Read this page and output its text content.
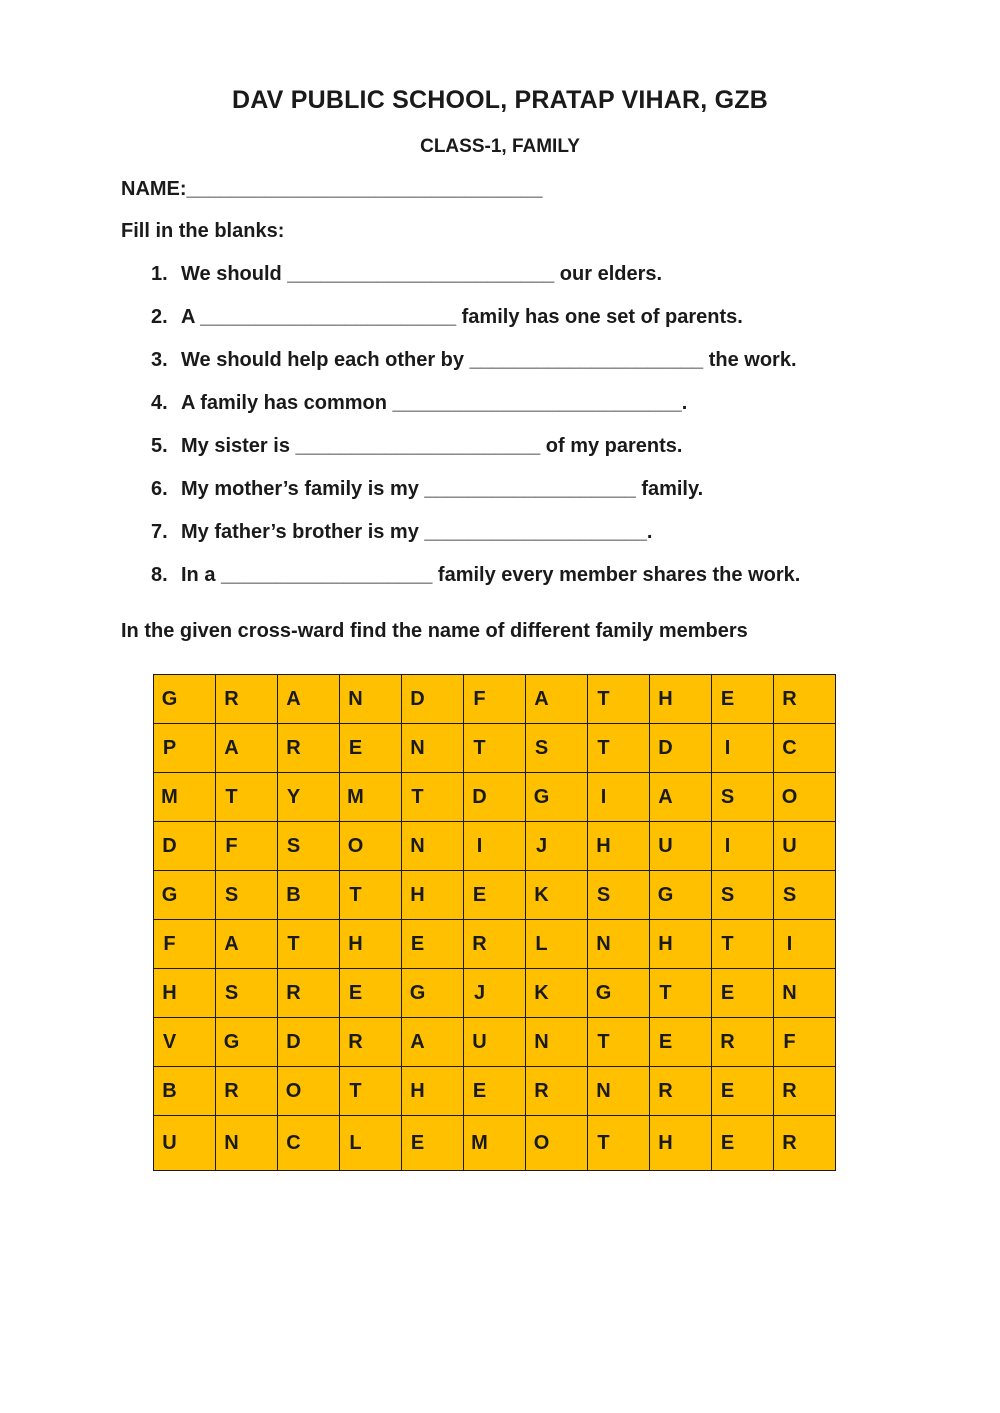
DAV PUBLIC SCHOOL, PRATAP VIHAR, GZB
CLASS-1, FAMILY
NAME:________________________________
Fill in the blanks:
1. We should ________________________ our elders.
2. A _______________________ family has one set of parents.
3. We should help each other by _____________________ the work.
4. A family has common __________________________.
5. My sister is ______________________ of my parents.
6. My mother’s family is my ___________________ family.
7. My father’s brother is my ____________________.
8. In a ___________________ family every member shares the work.
In the given cross-ward find the name of different family members
G	R	A	N	D	F	A	T	H	E	R
P	A	R	E	N	T	S	T	D	I	C
M	T	Y	M	T	D	G	I	A	S	O
D	F	S	O	N	I	J	H	U	I	U
G	S	B	T	H	E	K	S	G	S	S
F	A	T	H	E	R	L	N	H	T	I
H	S	R	E	G	J	K	G	T	E	N
V	G	D	R	A	U	N	T	E	R	F
B	R	O	T	H	E	R	N	R	E	R
U	N	C	L	E	M	O	T	H	E	R
